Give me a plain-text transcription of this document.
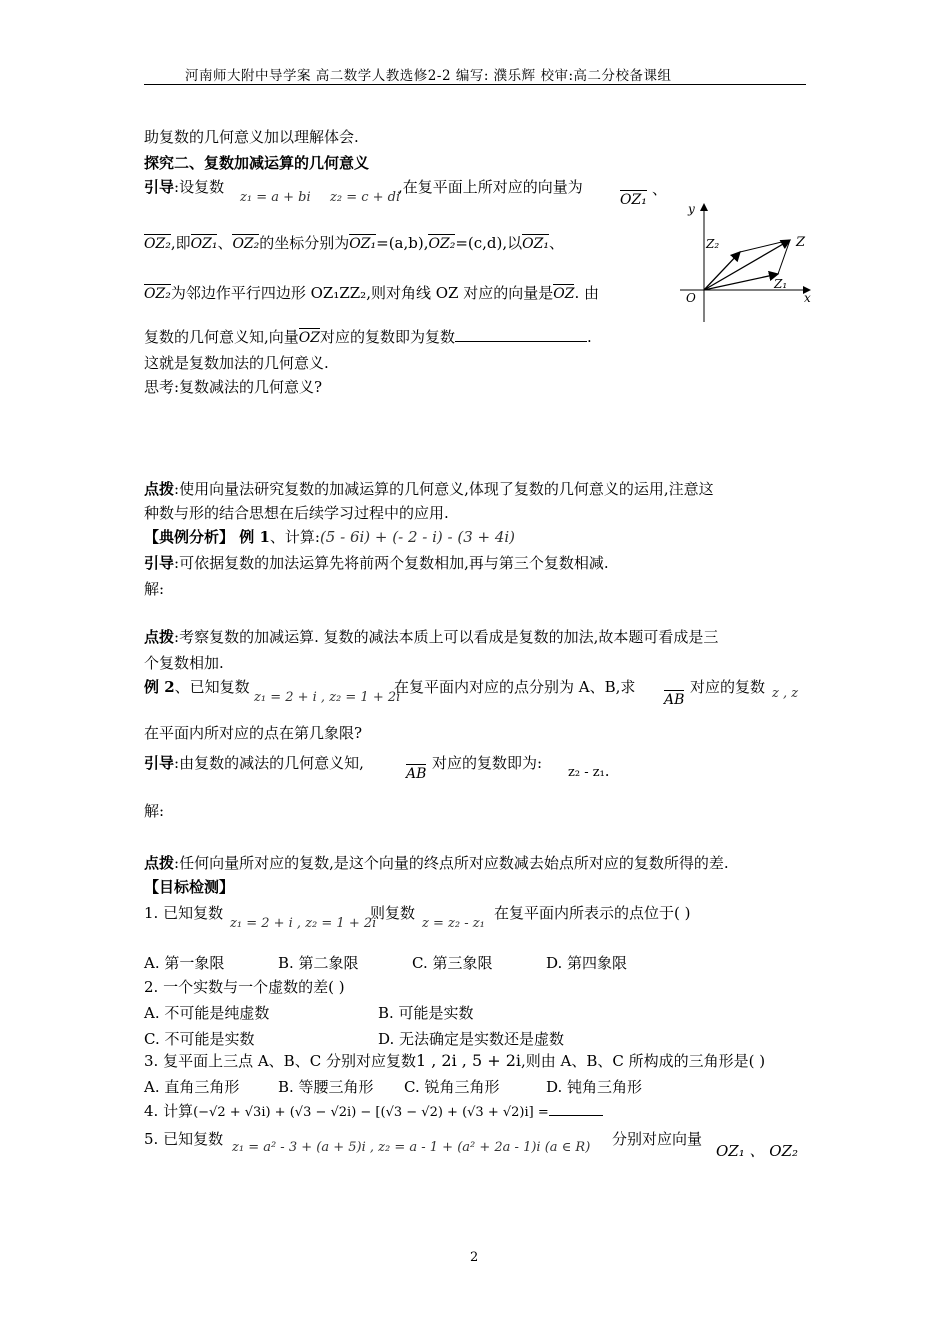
河南师大附中导学案 高二数学人教选修2-2 编写: 濮乐辉 校审:高二分校备课组
助复数的几何意义加以理解体会.
探究二、复数加减运算的几何意义
引导:设复数
z₁ = a + bi z₂ = c + di
,在复平面上所对应的向量为
OZ₁
、
OZ₂,即OZ₁、OZ₂的坐标分别为OZ₁=(a,b),OZ₂=(c,d),以OZ₁、
OZ₂为邻边作平行四边形 OZ₁ZZ₂,则对角线 OZ 对应的向量是OZ. 由
复数的几何意义知,向量OZ对应的复数即为复数	.
这就是复数加法的几何意义.
思考:复数减法的几何意义?
y
x
O
Z
Z₁
Z₂
点拨:使用向量法研究复数的加减运算的几何意义,体现了复数的几何意义的运用,注意这
种数与形的结合思想在后续学习过程中的应用.
【典例分析】 例 1、计算:(5 - 6i) + (- 2 - i) - (3 + 4i)
引导:可依据复数的加法运算先将前两个复数相加,再与第三个复数相减.
解:
点拨:考察复数的加减运算. 复数的减法本质上可以看成是复数的加法,故本题可看成是三
个复数相加.
例 2、已知复数
z₁ = 2 + i , z₂ = 1 + 2i
在复平面内对应的点分别为 A、B,求
AB
对应的复数 z , z
在平面内所对应的点在第几象限?
引导:由复数的减法的几何意义知,
AB
对应的复数即为:
z₂ - z₁.
解:
点拨:任何向量所对应的复数,是这个向量的终点所对应数减去始点所对应的复数所得的差.
【目标检测】
1. 已知复数
z₁ = 2 + i , z₂ = 1 + 2i
则复数
z = z₂ - z₁
在复平面内所表示的点位于( )
A. 第一象限	B. 第二象限	C. 第三象限	D. 第四象限
2. 一个实数与一个虚数的差( )
A. 不可能是纯虚数	B. 可能是实数
C. 不可能是实数	D. 无法确定是实数还是虚数
3. 复平面上三点 A、B、C 分别对应复数1 , 2i , 5 + 2i,则由 A、B、C 所构成的三角形是( )
A. 直角三角形	B. 等腰三角形 C. 锐角三角形	D. 钝角三角形
4. 计算(−√2 + √3i) + (√3 − √2i) − [(√3 − √2) + (√3 + √2)i] =
5. 已知复数 z₁ = a² - 3 + (a + 5)i , z₂ = a - 1 + (a² + 2a - 1)i (a ∈ R) 分别对应向量
OZ₁ 、 OZ₂
2
